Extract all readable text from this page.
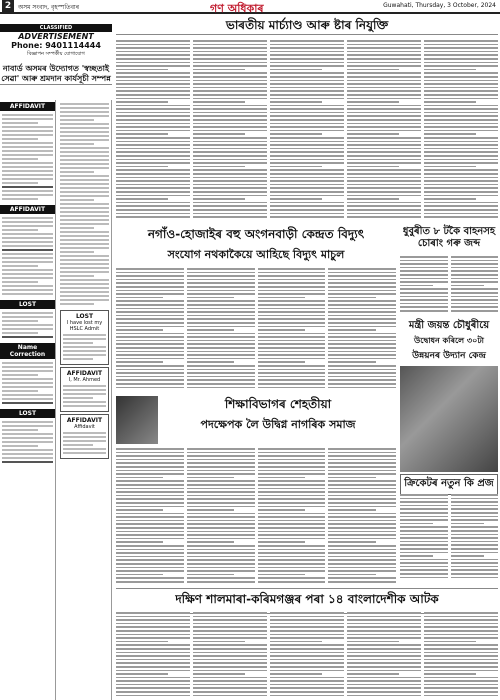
2	অসম সংবাদ, বৃহস্পতিবাৰ	গণ অধিকাৰ	Guwahati, Thursday, 3 October, 2024
CLASSIFIED
ADVERTISEMENT
Phone: 9401114444
বিজ্ঞাপন সম্পৰ্কীয় যোগাযোগ
নাবাৰ্ড অসমৰ উদ্যোগত 'স্বচ্ছতাই সেৱা' আৰু শ্ৰমদান কাৰ্যসূচী সম্পন্ন
AFFIDAVIT
AFFIDAVIT
LOST
Name Correction
LOST
LOST
I have lost my HSLC Admit
AFFIDAVIT
I, Mr. Ahmed
AFFIDAVIT
Affidavit
ভাৰতীয় মাৰ্চ্যাণ্ড আৰু ষ্টাৰ নিযুক্তি
নগাঁও-হোজাইৰ বহু অংগনবাড়ী কেন্দ্ৰত বিদ্যুৎ
সংযোগ নথকাকৈয়ে আহিছে বিদ্যুৎ মাচুল
ধুবুৰীত ৮ টকৈ বাহনসহ চোৰাং গৰু জব্দ
মন্ত্ৰী জয়ন্ত চৌধুৰীয়ে
উদ্বোধন কৰিলে ৩০টা
উন্নয়নৰ উদ্যান কেন্দ্ৰ
শিক্ষাবিভাগৰ শেহতীয়া
পদক্ষেপক লৈ উদ্বিগ্ন নাগৰিক সমাজ
ক্ৰিকেটৰ নতুন কি প্ৰজ
দক্ষিণ শালমাৰা-কৰিমগঞ্জৰ পৰা ১৪ বাংলাদেশীক আটক
